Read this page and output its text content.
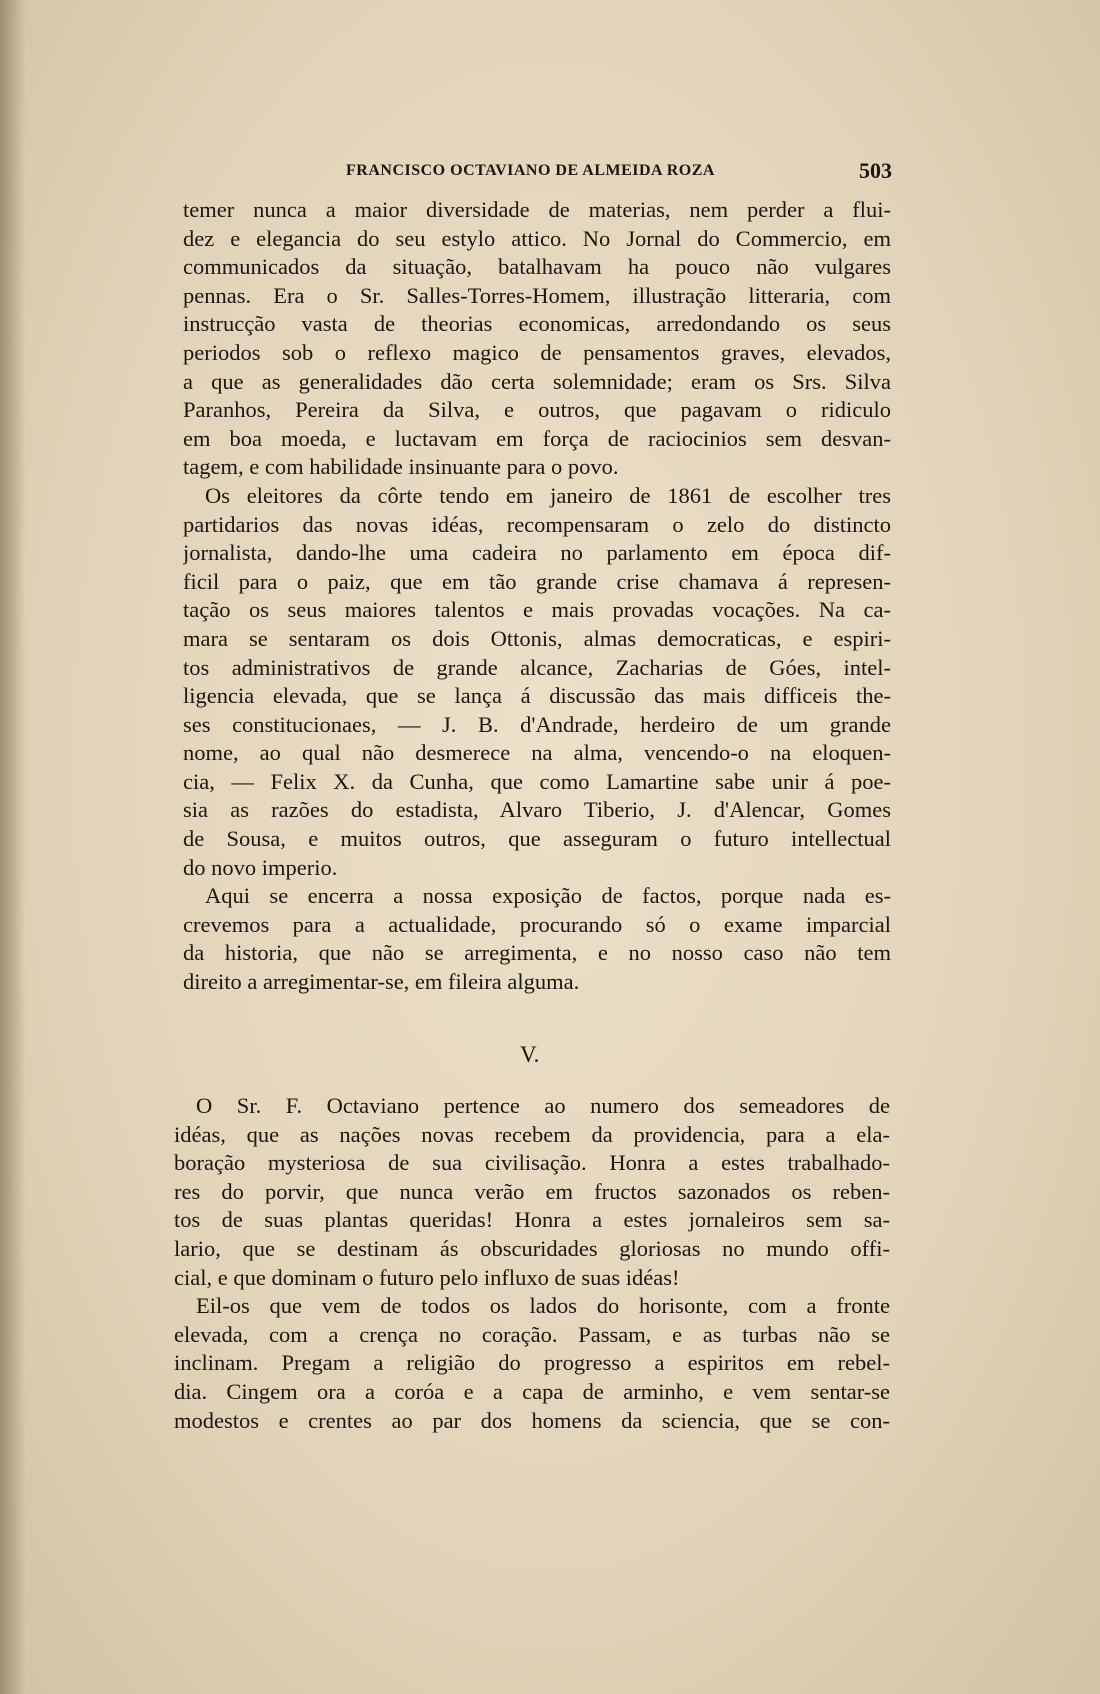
FRANCISCO OCTAVIANO DE ALMEIDA ROZA	503
temer nunca a maior diversidade de materias, nem perder a flui-
dez e elegancia do seu estylo attico. No Jornal do Commercio, em
communicados da situação, batalhavam ha pouco não vulgares
pennas. Era o Sr. Salles-Torres-Homem, illustração litteraria, com
instrucção vasta de theorias economicas, arredondando os seus
periodos sob o reflexo magico de pensamentos graves, elevados,
a que as generalidades dão certa solemnidade; eram os Srs. Silva
Paranhos, Pereira da Silva, e outros, que pagavam o ridiculo
em boa moeda, e luctavam em força de raciocinios sem desvan-
tagem, e com habilidade insinuante para o povo.
Os eleitores da côrte tendo em janeiro de 1861 de escolher tres
partidarios das novas idéas, recompensaram o zelo do distincto
jornalista, dando-lhe uma cadeira no parlamento em época dif-
ficil para o paiz, que em tão grande crise chamava á represen-
tação os seus maiores talentos e mais provadas vocações. Na ca-
mara se sentaram os dois Ottonis, almas democraticas, e espiri-
tos administrativos de grande alcance, Zacharias de Góes, intel-
ligencia elevada, que se lança á discussão das mais difficeis the-
ses constitucionaes, — J. B. d'Andrade, herdeiro de um grande
nome, ao qual não desmerece na alma, vencendo-o na eloquen-
cia, — Felix X. da Cunha, que como Lamartine sabe unir á poe-
sia as razões do estadista, Alvaro Tiberio, J. d'Alencar, Gomes
de Sousa, e muitos outros, que asseguram o futuro intellectual
do novo imperio.
Aqui se encerra a nossa exposição de factos, porque nada es-
crevemos para a actualidade, procurando só o exame imparcial
da historia, que não se arregimenta, e no nosso caso não tem
direito a arregimentar-se, em fileira alguma.
V.
O Sr. F. Octaviano pertence ao numero dos semeadores de
idéas, que as nações novas recebem da providencia, para a ela-
boração mysteriosa de sua civilisação. Honra a estes trabalhado-
res do porvir, que nunca verão em fructos sazonados os reben-
tos de suas plantas queridas! Honra a estes jornaleiros sem sa-
lario, que se destinam ás obscuridades gloriosas no mundo offi-
cial, e que dominam o futuro pelo influxo de suas idéas!
Eil-os que vem de todos os lados do horisonte, com a fronte
elevada, com a crença no coração. Passam, e as turbas não se
inclinam. Pregam a religião do progresso a espiritos em rebel-
dia. Cingem ora a coróa e a capa de arminho, e vem sentar-se
modestos e crentes ao par dos homens da sciencia, que se con-
